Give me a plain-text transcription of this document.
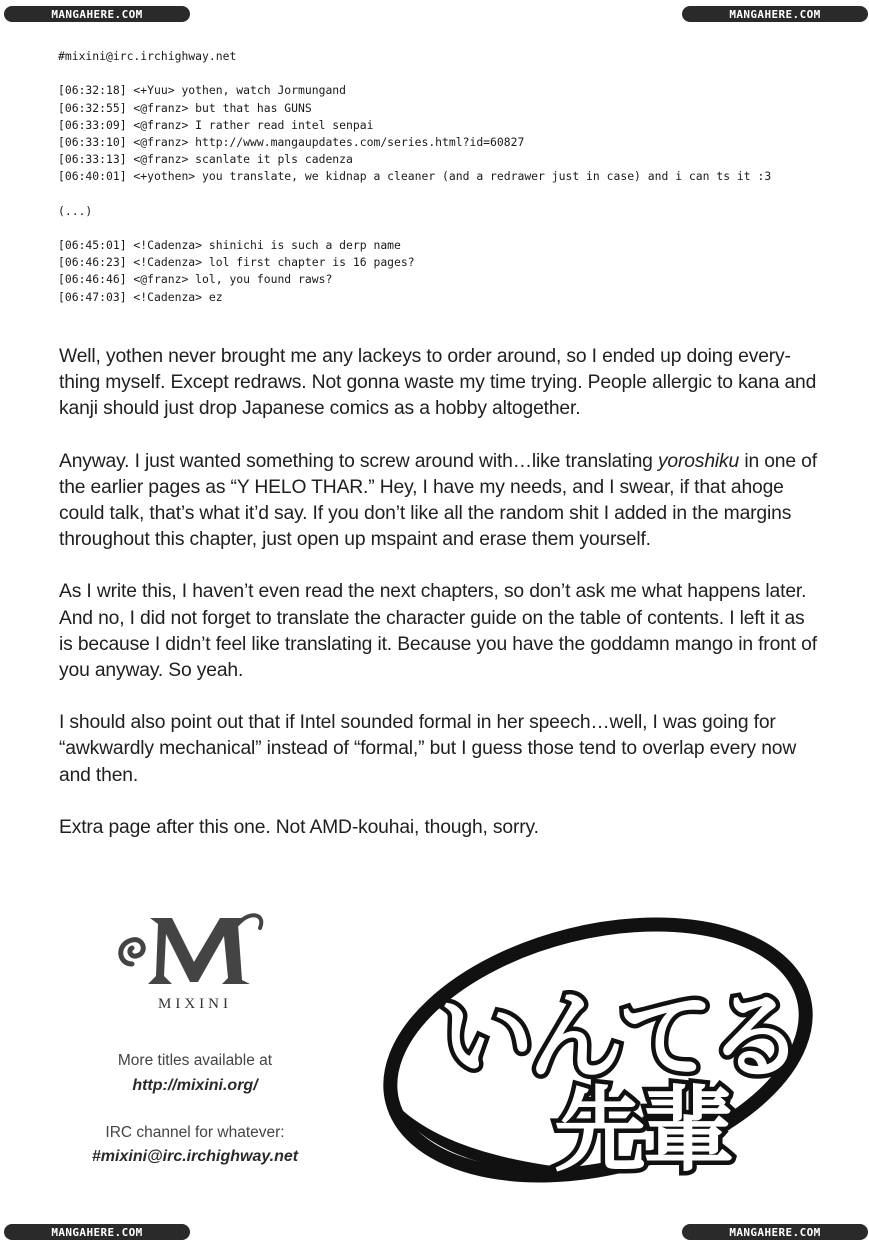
MANGAHERE.COM	MANGAHERE.COM
MANGAHERE.COM	MANGAHERE.COM
#mixini@irc.irchighway.net
[06:32:18] <+Yuu> yothen, watch Jormungand
[06:32:55] <@franz> but that has GUNS
[06:33:09] <@franz> I rather read intel senpai
[06:33:10] <@franz> http://www.mangaupdates.com/series.html?id=60827
[06:33:13] <@franz> scanlate it pls cadenza
[06:40:01] <+yothen> you translate, we kidnap a cleaner (and a redrawer just in case) and i can ts it :3
(...)
[06:45:01] <!Cadenza> shinichi is such a derp name
[06:46:23] <!Cadenza> lol first chapter is 16 pages?
[06:46:46] <@franz> lol, you found raws?
[06:47:03] <!Cadenza> ez

Well, yothen never brought me any lackeys to order around, so I ended up doing every-thing myself. Except redraws. Not gonna waste my time trying. People allergic to kana and kanji should just drop Japanese comics as a hobby altogether.

Anyway. I just wanted something to screw around with…like translating yoroshiku in one of the earlier pages as “Y HELO THAR.” Hey, I have my needs, and I swear, if that ahoge could talk, that’s what it’d say. If you don’t like all the random shit I added in the margins throughout this chapter, just open up mspaint and erase them yourself.

As I write this, I haven’t even read the next chapters, so don’t ask me what happens later. And no, I did not forget to translate the character guide on the table of contents. I left it as is because I didn’t feel like translating it. Because you have the goddamn mango in front of you anyway. So yeah.

I should also point out that if Intel sounded formal in her speech…well, I was going for “awkwardly mechanical” instead of “formal,” but I guess those tend to overlap every now and then.

Extra page after this one. Not AMD-kouhai, though, sorry.

MIXINI
More titles available at
http://mixini.org/
IRC channel for whatever:
#mixini@irc.irchighway.net
いんてる
先輩
